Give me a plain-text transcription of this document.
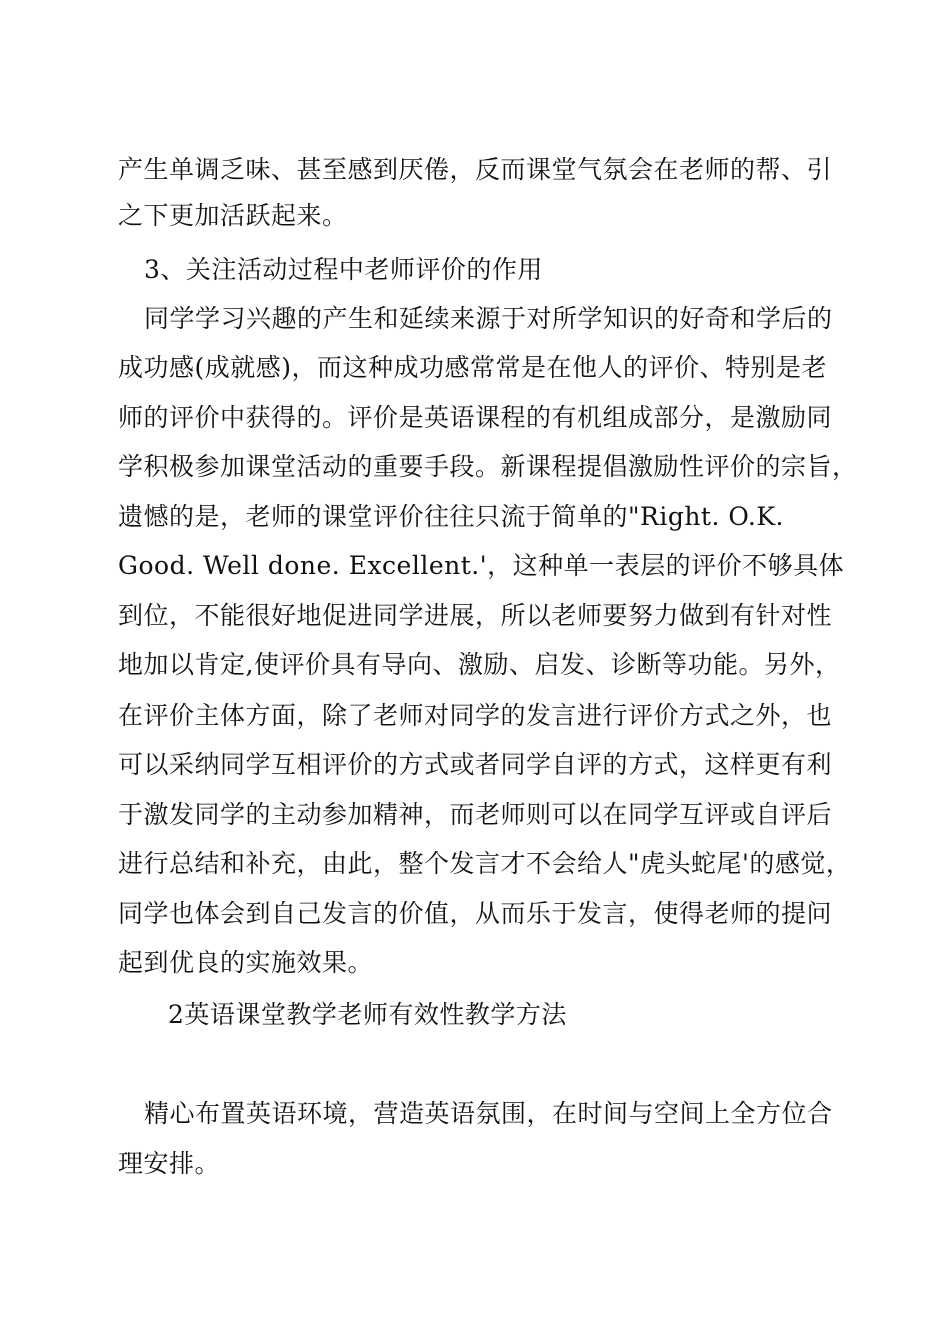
产生单调乏味、甚至感到厌倦，反而课堂气氛会在老师的帮、引
之下更加活跃起来。
3、关注活动过程中老师评价的作用
同学学习兴趣的产生和延续来源于对所学知识的好奇和学后的
成功感(成就感)，而这种成功感常常是在他人的评价、特别是老
师的评价中获得的。评价是英语课程的有机组成部分，是激励同
学积极参加课堂活动的重要手段。新课程提倡激励性评价的宗旨，
遗憾的是，老师的课堂评价往往只流于简单的"Right. O.K.
Good. Well done. Excellent.'，这种单一表层的评价不够具体
到位，不能很好地促进同学进展，所以老师要努力做到有针对性
地加以肯定,使评价具有导向、激励、启发、诊断等功能。另外，
在评价主体方面，除了老师对同学的发言进行评价方式之外，也
可以采纳同学互相评价的方式或者同学自评的方式，这样更有利
于激发同学的主动参加精神，而老师则可以在同学互评或自评后
进行总结和补充，由此，整个发言才不会给人"虎头蛇尾'的感觉，
同学也体会到自己发言的价值，从而乐于发言，使得老师的提问
起到优良的实施效果。
2英语课堂教学老师有效性教学方法
精心布置英语环境，营造英语氛围，在时间与空间上全方位合
理安排。
